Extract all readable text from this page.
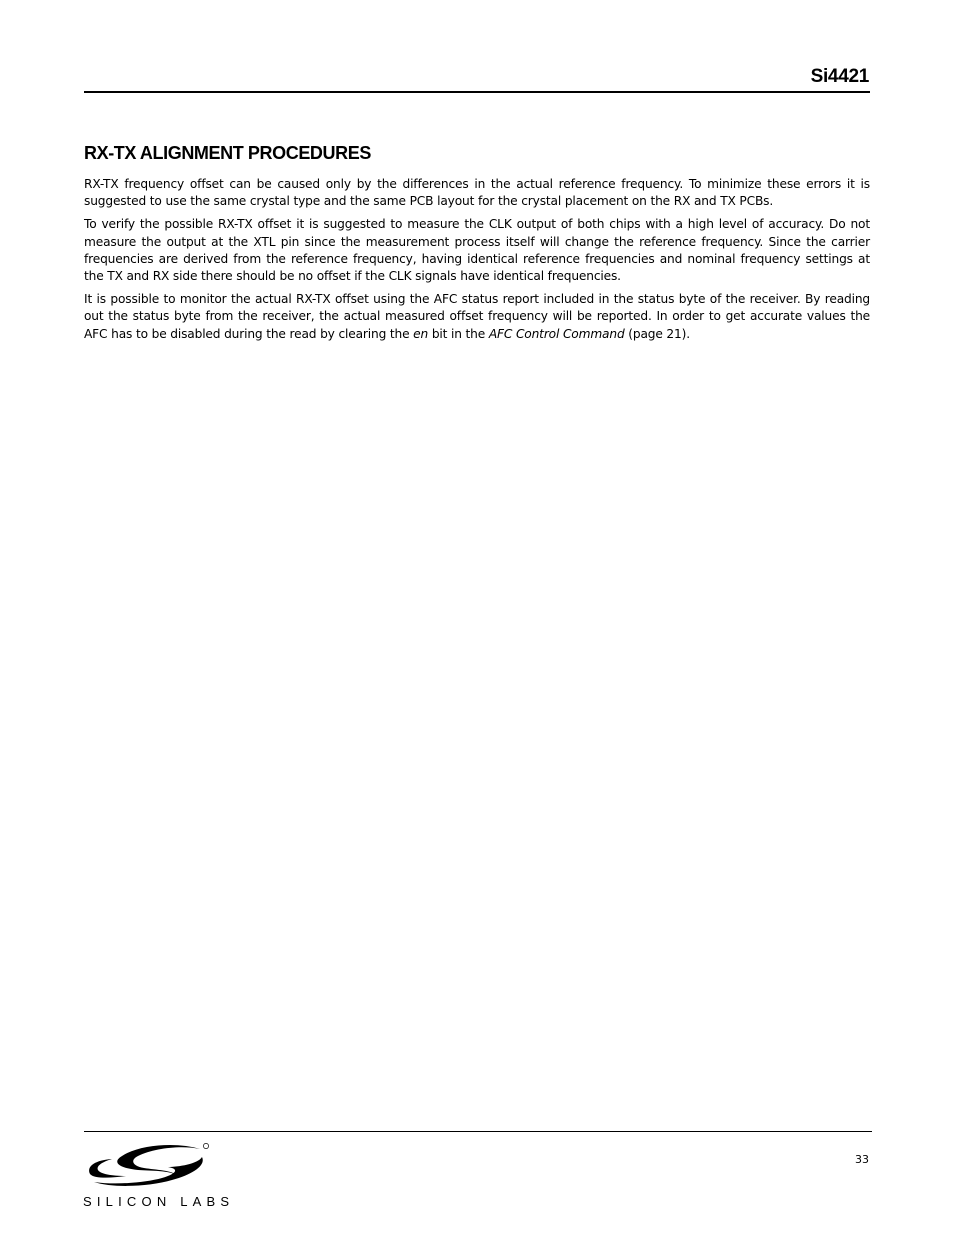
Si4421
RX-TX ALIGNMENT PROCEDURES

RX-TX frequency offset can be caused only by the differences in the actual reference frequency. To minimize these errors it is suggested to use the same crystal type and the same PCB layout for the crystal placement on the RX and TX PCBs.

To verify the possible RX-TX offset it is suggested to measure the CLK output of both chips with a high level of accuracy. Do not measure the output at the XTL pin since the measurement process itself will change the reference frequency. Since the carrier frequencies are derived from the reference frequency, having identical reference frequencies and nominal frequency settings at the TX and RX side there should be no offset if the CLK signals have identical frequencies.

It is possible to monitor the actual RX-TX offset using the AFC status report included in the status byte of the receiver. By reading out the status byte from the receiver, the actual measured offset frequency will be reported. In order to get accurate values the AFC has to be disabled during the read by clearing the en bit in the AFC Control Command (page 21).

SILICON LABS
33
